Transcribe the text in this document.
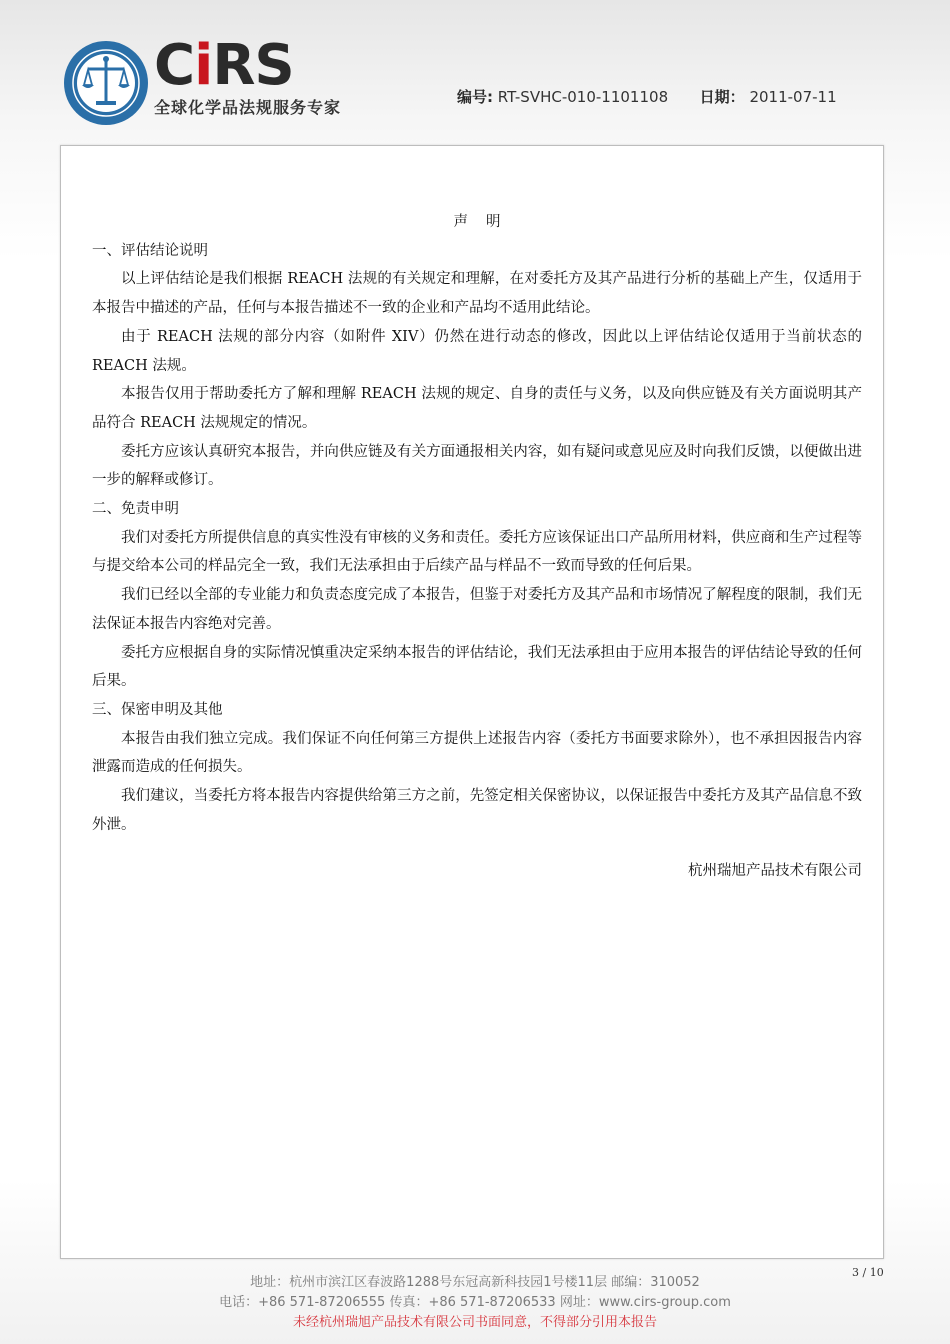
CiRS
全球化学品法规服务专家
编号: RT-SVHC-010-1101108 日期： 2011-07-11
声明
一、评估结论说明

以上评估结论是我们根据 REACH 法规的有关规定和理解，在对委托方及其产品进行分析的基础上产生，仅适用于本报告中描述的产品，任何与本报告描述不一致的企业和产品均不适用此结论。

由于 REACH 法规的部分内容（如附件 XIV）仍然在进行动态的修改，因此以上评估结论仅适用于当前状态的 REACH 法规。

本报告仅用于帮助委托方了解和理解 REACH 法规的规定、自身的责任与义务，以及向供应链及有关方面说明其产品符合 REACH 法规规定的情况。

委托方应该认真研究本报告，并向供应链及有关方面通报相关内容，如有疑问或意见应及时向我们反馈，以便做出进一步的解释或修订。

二、免责申明

我们对委托方所提供信息的真实性没有审核的义务和责任。委托方应该保证出口产品所用材料，供应商和生产过程等与提交给本公司的样品完全一致，我们无法承担由于后续产品与样品不一致而导致的任何后果。

我们已经以全部的专业能力和负责态度完成了本报告，但鉴于对委托方及其产品和市场情况了解程度的限制，我们无法保证本报告内容绝对完善。

委托方应根据自身的实际情况慎重决定采纳本报告的评估结论，我们无法承担由于应用本报告的评估结论导致的任何后果。

三、保密申明及其他

本报告由我们独立完成。我们保证不向任何第三方提供上述报告内容（委托方书面要求除外），也不承担因报告内容泄露而造成的任何损失。

我们建议，当委托方将本报告内容提供给第三方之前，先签定相关保密协议，以保证报告中委托方及其产品信息不致外泄。

杭州瑞旭产品技术有限公司
3 / 10
地址：杭州市滨江区春波路1288号东冠高新科技园1号楼11层 邮编：310052
电话：+86 571-87206555 传真：+86 571-87206533 网址：www.cirs-group.com
未经杭州瑞旭产品技术有限公司书面同意，不得部分引用本报告
